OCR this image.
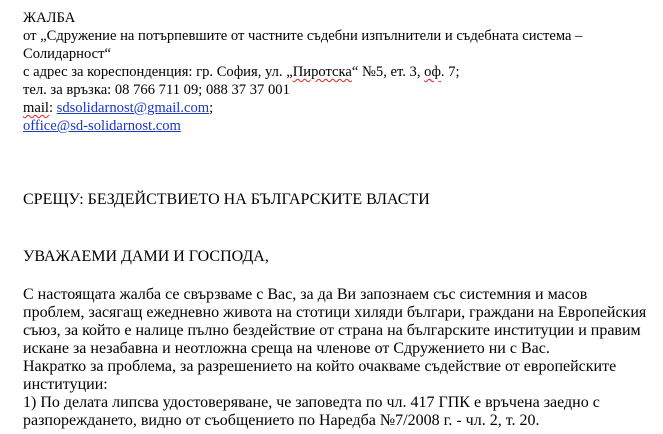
ЖАЛБА
от „Сдружение на потърпевшите от частните съдебни изпълнители и съдебната система –
Солидарност“
с адрес за кореспонденция: гр. София, ул. „Пиротска“ №5, ет. 3, оф. 7;
тел. за връзка: 08 766 711 09; 088 37 37 001
mail: sdsolidarnost@gmail.com;
office@sd-solidarnost.com
СРЕЩУ: БЕЗДЕЙСТВИЕТО НА БЪЛГАРСКИТЕ ВЛАСТИ
УВАЖАЕМИ ДАМИ И ГОСПОДА,
С настоящата жалба се свързваме с Вас, за да Ви запознаем със системния и масов
проблем, засягащ ежедневно живота на стотици хиляди българи, граждани на Европейския
съюз, за който е налице пълно бездействие от страна на българските институции и правим
искане за незабавна и неотложна среща на членове от Сдружението ни с Вас.
Накратко за проблема, за разрешението на който очакваме съдействие от европейските
институции:
1) По делата липсва удостоверяване, че заповедта по чл. 417 ГПК е връчена заедно с
разпореждането, видно от съобщението по Наредба №7/2008 г. - чл. 2, т. 20.
